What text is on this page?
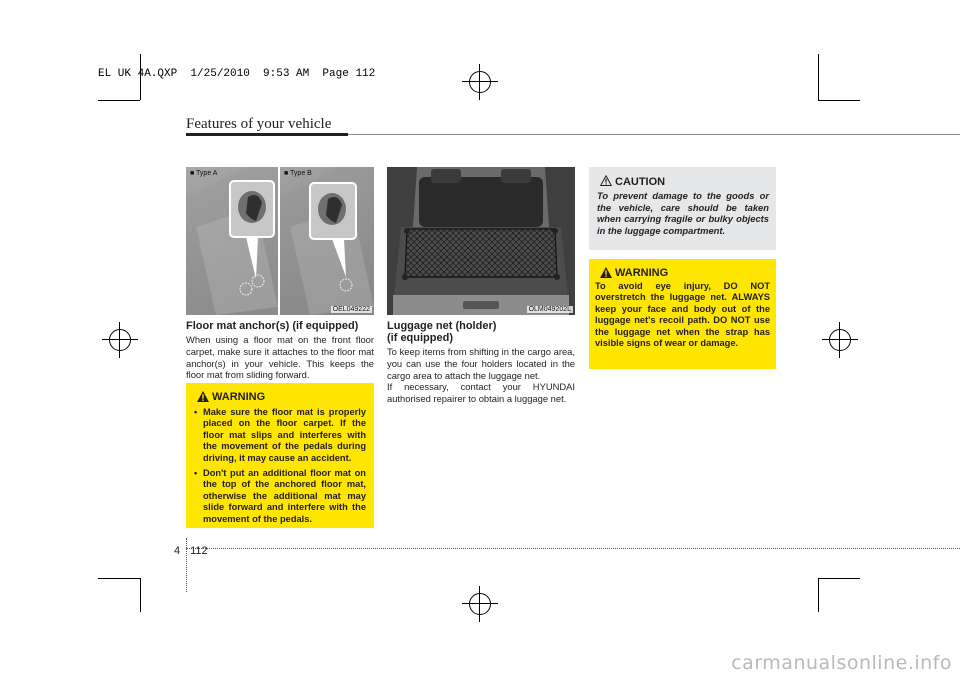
EL UK 4A.QXP  1/25/2010  9:53 AM  Page 112
Features of your vehicle
■ Type A	■ Type B
OEL049222
Floor mat anchor(s) (if equipped)

When using a floor mat on the front floor carpet, make sure it attaches to the floor mat anchor(s) in your vehicle. This keeps the floor mat from sliding forward.

WARNING
• Make sure the floor mat is properly placed on the floor carpet. If the floor mat slips and interferes with the movement of the pedals during driving, it may cause an accident.
• Don't put an additional floor mat on the top of the anchored floor mat, otherwise the additional mat may slide forward and interfere with the movement of the pedals.
OLM049202L
Luggage net (holder)
(if equipped)

To keep items from shifting in the cargo area, you can use the four holders located in the cargo area to attach the luggage net.

If necessary, contact your HYUNDAI authorised repairer to obtain a luggage net.

CAUTION
To prevent damage to the goods or the vehicle, care should be taken when carrying fragile or bulky objects in the luggage compartment.
WARNING
To avoid eye injury, DO NOT overstretch the luggage net. ALWAYS keep your face and body out of the luggage net's recoil path. DO NOT use the luggage net when the strap has visible signs of wear or damage.
4 112
carmanualsonline.info
